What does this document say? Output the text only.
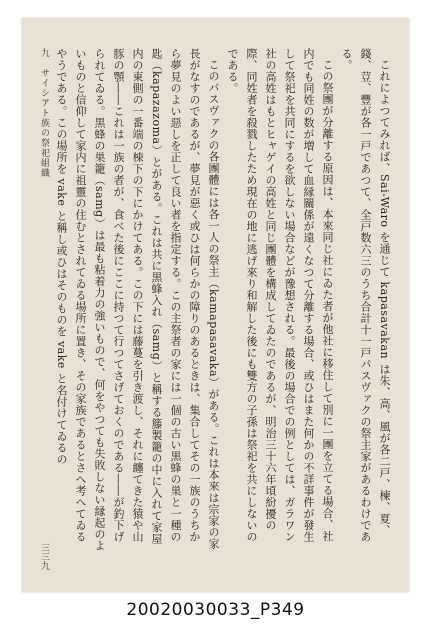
九　サイシアト族の祭祀組織	これによつてみれば、Sai-Waro を通じて kapasavakan は朱、高、風が各二戸、楝、夏、錢、荳、豐が各一戸であつて、全戸数六三のうち合計十一戸パスヴァクの祭主家があるわけである。

この祭團が分離する原因は、本來同じ社にゐた者が他社に移住して別に一團を立てる場合、社内でも同姓の数が増して血縁關係が遠くなつて分離する場合、或ひはまた何かの不詳事件が發生して祭祀を共同にするを欲しない場合などが豫想される。最後の場合での例としては、ガラワン社の高姓はもとヒャゲイの高姓と同じ團體を構成してゐたのであるが、明治三十六年頃紛擾の際、同姓者を殺戮したため現在の地に逃げ來り和解した後にも雙方の子孫は祭祀を共にしないのである。

このパスヴァクの各團體には各一人の祭主（kamapasavaka）がある。これは本來は宗家の家長がなすのであるが、夢見が惡く或ひは何らかの障りのあるときは、集合してその一族のうちから夢見のよい惡しを正して良い者を指定する。この主祭者の家には一個の古い黒蜂の巣と一種の匙（kapazazoma）とがある。これは共に黒蜂入れ（samg）と稱する籐製籠の中に入れて家屋内の東側の一番端の棟下の下にかけてある。この下には藤蔓を引き渡し、それに纏てきた猿や山豚の顎――これは一族の者が、食べた後にここに持つて行つてさげておくのである――が釣下げられてゐる。黒蜂の巣籠（samg）は最も粘着力の強いもので、何をやつても失敗しない縁起のよいものと信仰して家内に祖靈の住むとされてゐる場所に置き、その家族であるとさへ考へてゐるやうである。この場所を vake と稱し或ひはそのものを vake と名付けてゐるの

三三九
20020030033_P349
